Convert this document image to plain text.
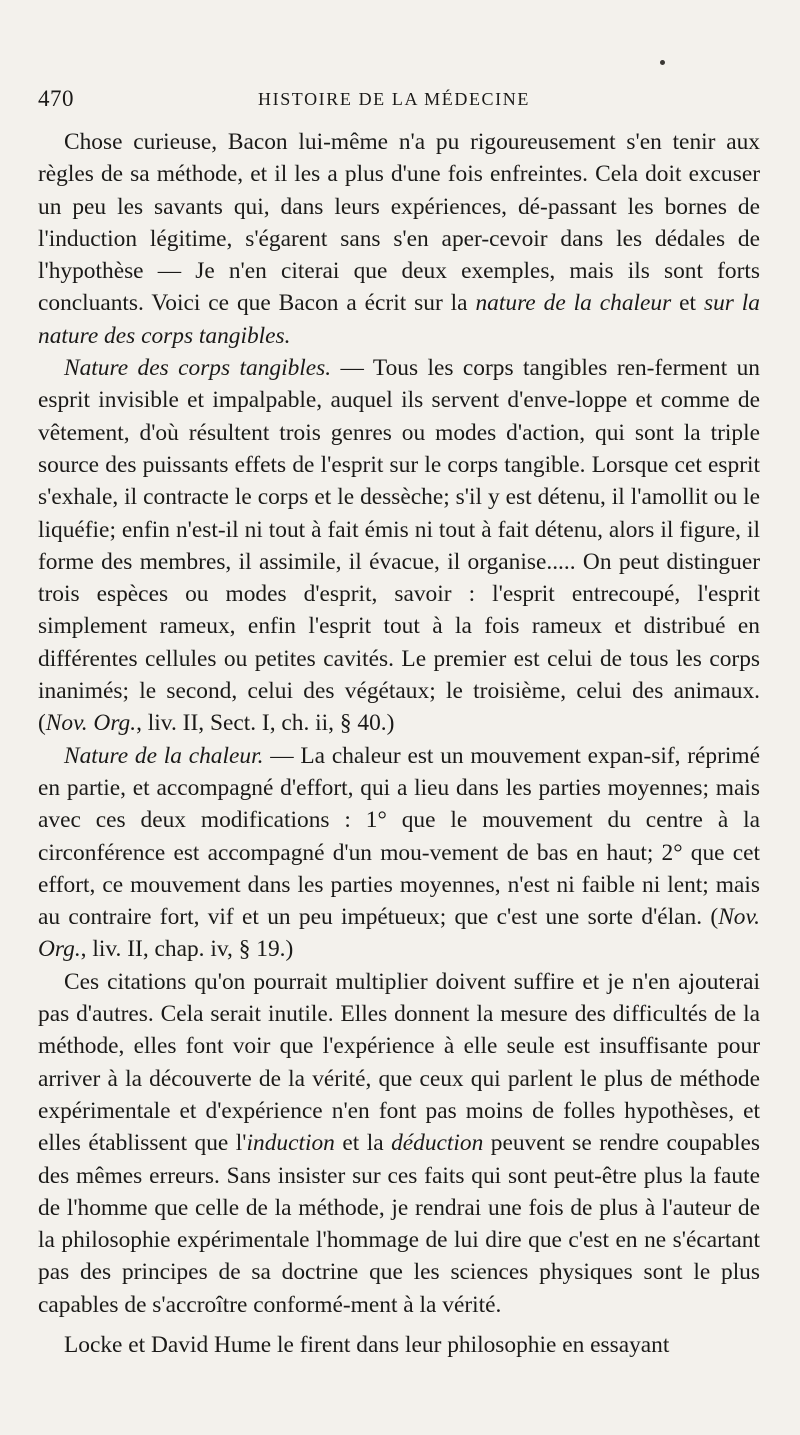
470	HISTOIRE DE LA MÉDECINE

Chose curieuse, Bacon lui-même n'a pu rigoureusement s'en tenir aux règles de sa méthode, et il les a plus d'une fois enfreintes. Cela doit excuser un peu les savants qui, dans leurs expériences, dé-passant les bornes de l'induction légitime, s'égarent sans s'en aper-cevoir dans les dédales de l'hypothèse — Je n'en citerai que deux exemples, mais ils sont forts concluants. Voici ce que Bacon a écrit sur la nature de la chaleur et sur la nature des corps tangibles.

Nature des corps tangibles. — Tous les corps tangibles ren-ferment un esprit invisible et impalpable, auquel ils servent d'enve-loppe et comme de vêtement, d'où résultent trois genres ou modes d'action, qui sont la triple source des puissants effets de l'esprit sur le corps tangible. Lorsque cet esprit s'exhale, il contracte le corps et le dessèche; s'il y est détenu, il l'amollit ou le liquéfie; enfin n'est-il ni tout à fait émis ni tout à fait détenu, alors il figure, il forme des membres, il assimile, il évacue, il organise..... On peut distinguer trois espèces ou modes d'esprit, savoir : l'esprit entrecoupé, l'esprit simplement rameux, enfin l'esprit tout à la fois rameux et distribué en différentes cellules ou petites cavités. Le premier est celui de tous les corps inanimés; le second, celui des végétaux; le troisième, celui des animaux. (Nov. Org., liv. II, Sect. I, ch. ii, § 40.)

Nature de la chaleur. — La chaleur est un mouvement expan-sif, réprimé en partie, et accompagné d'effort, qui a lieu dans les parties moyennes; mais avec ces deux modifications : 1° que le mouvement du centre à la circonférence est accompagné d'un mou-vement de bas en haut; 2° que cet effort, ce mouvement dans les parties moyennes, n'est ni faible ni lent; mais au contraire fort, vif et un peu impétueux; que c'est une sorte d'élan. (Nov. Org., liv. II, chap. iv, § 19.)

Ces citations qu'on pourrait multiplier doivent suffire et je n'en ajouterai pas d'autres. Cela serait inutile. Elles donnent la mesure des difficultés de la méthode, elles font voir que l'expérience à elle seule est insuffisante pour arriver à la découverte de la vérité, que ceux qui parlent le plus de méthode expérimentale et d'expérience n'en font pas moins de folles hypothèses, et elles établissent que l'induction et la déduction peuvent se rendre coupables des mêmes erreurs. Sans insister sur ces faits qui sont peut-être plus la faute de l'homme que celle de la méthode, je rendrai une fois de plus à l'auteur de la philosophie expérimentale l'hommage de lui dire que c'est en ne s'écartant pas des principes de sa doctrine que les sciences physiques sont le plus capables de s'accroître conformé-ment à la vérité.

Locke et David Hume le firent dans leur philosophie en essayant
